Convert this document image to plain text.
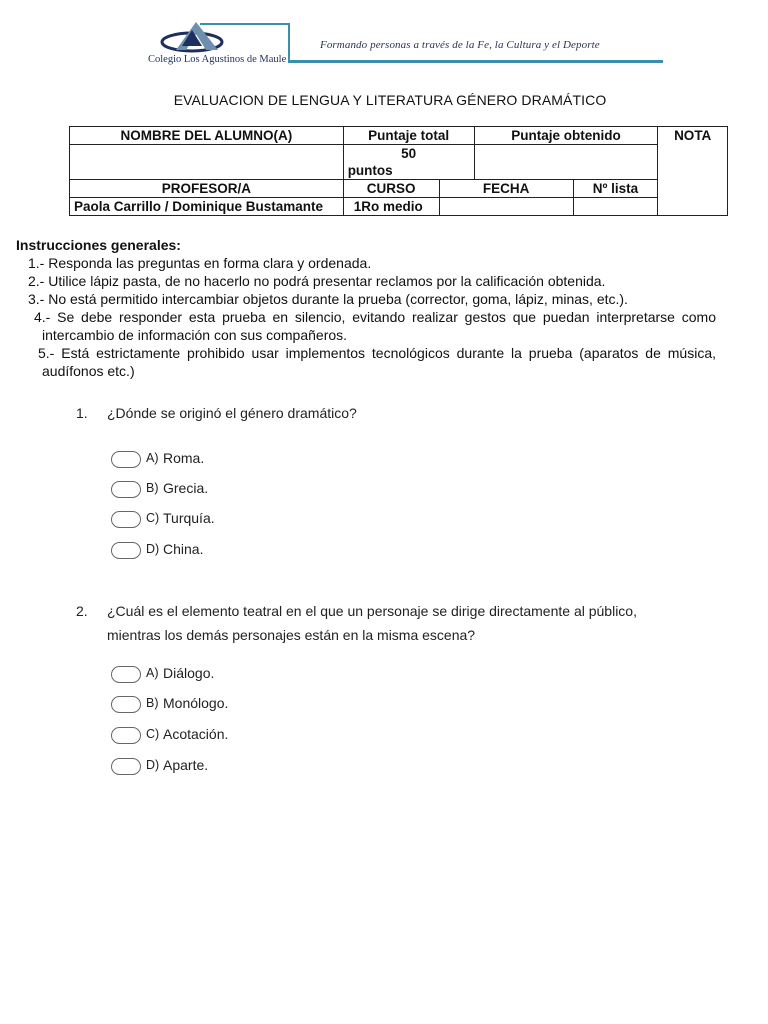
Colegio Los Agustinos de Maule
Formando personas a través de la Fe, la Cultura y el Deporte
EVALUACION DE LENGUA Y LITERATURA GÉNERO DRAMÁTICO
NOMBRE DEL ALUMNO(A)	Puntaje total		Puntaje obtenido		NOTA

	50
puntos				

PROFESOR/A	CURSO	FECHA		Nº lista	
Paola Carrillo / Dominique Bustamante	1Ro medio				
Instrucciones generales:
1.- Responda las preguntas en forma clara y ordenada.
2.- Utilice lápiz pasta, de no hacerlo no podrá presentar reclamos por la calificación obtenida.
3.- No está permitido intercambiar objetos durante la prueba (corrector, goma, lápiz, minas, etc.).
4.- Se debe responder esta prueba en silencio, evitando realizar gestos que puedan interpretarse como intercambio de información con sus compañeros.
5.- Está estrictamente prohibido usar implementos tecnológicos durante la prueba (aparatos de música, audífonos etc.)
1.	¿Dónde se originó el género dramático?
A) Roma.
B) Grecia.
C) Turquía.
D) China.
2.	¿Cuál es el elemento teatral en el que un personaje se dirige directamente al público, mientras los demás personajes están en la misma escena?
A) Diálogo.
B) Monólogo.
C) Acotación.
D) Aparte.
